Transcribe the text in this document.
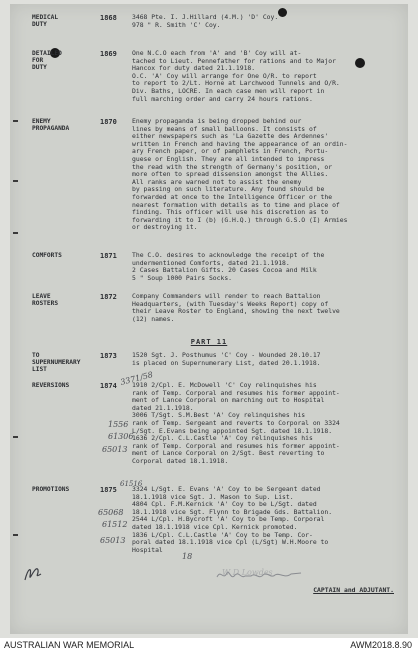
MEDICAL
DUTY
1868	3468 Pte. I. J.Hillard (4.M.) 'D' Coy.
978 " R. Smith 'C' Coy.
DETAILED
FOR
DUTY
1869	One N.C.O each from 'A' and 'B' Coy will at-
tached to Lieut. Pennefather for rations and to Major
Hancox for duty dated 21.1.1918.
O.C. 'A' Coy will arrange for One O/R. to report
to report to 2/Lt. Horne at Larchwood Tunnels and O/R.
Div. Baths, LOCRE. In each case men will report in
full marching order and carry 24 hours rations.
ENEMY
PROPAGANDA
1870	Enemy propaganda is being dropped behind our
lines by means of small balloons. It consists of
either newspapers such as 'La Gazette des Ardennes'
written in French and having the appearance of an ordin-
ary French paper, or of pamphlets in French, Portu-
guese or English. They are all intended to impress
the read with the strength of Germany's position, or
more often to spread dissension amongst the Allies.
All ranks are warned not to assist the enemy
by passing on such literature. Any found should be
forwarded at once to the Intelligence Officer or the
nearest formation with details as to time and place of
finding. This officer will use his discretion as to
forwarding it to I (b) (G.H.Q.) through G.S.O (I) Armies
or destroying it.
COMFORTS	1871	The C.O. desires to acknowledge the receipt of the
undermentioned Comforts, dated 21.1.1918.
2 Cases Battalion Gifts. 20 Cases Cocoa and Milk
5 " Soup 1000 Pairs Socks.
LEAVE
ROSTERS
1872	Company Commanders will render to reach Battalion
Headquarters, (with Tuesday's Weeks Report) copy of
their Leave Roster to England, showing the next twelve
(12) names.
PART 11
TO
SUPERNUMERARY
LIST
1873	1520 Sgt. J. Posthumus 'C' Coy - Wounded 20.10.17
is placed on Supernumerary List, dated 20.1.1918.
REVERSIONS	1874	1910 2/Cpl. E. McDowell 'C' Coy relinquishes his
rank of Temp. Corporal and resumes his former appoint-
ment of Lance Corporal on marching out to Hospital
dated 21.1.1918.
3006 T/Sgt. S.M.Best 'A' Coy relinquishes his
rank of Temp. Sergeant and reverts to Corporal on 3324
L/Sgt. E.Evans being appointed Sgt. dated 18.1.1918.
1636 2/Cpl. C.L.Castle 'A' Coy relinquishes his
rank of Temp. Corporal and resumes his former appoint-
ment of Lance Corporal on 2/Sgt. Best reverting to
Corporal dated 18.1.1918.
PROMOTIONS	1875	3324 L/Sgt. E. Evans 'A' Coy to be Sergeant dated
18.1.1918 vice Sgt. J. Mason to Sup. List.
4804 Cpl. F.M.Kernick 'A' Coy to be L/Sgt. dated
18.1.1918 vice Sgt. Flynn to Brigade Gds. Battalion.
2544 L/Cpl. H.Bycroft 'A' Coy to be Temp. Corporal
dated 18.1.1918 vice Cpl. Kernick promoted.
1836 L/Cpl. C.L.Castle 'A' Coy to be Temp. Cor-
poral dated 18.1.1918 vice Cpl (L/Sgt) W.H.Moore to
Hospital
3371/58
1556
61306
65013
61516
65068
61512
65013
18
W D Lowdes
CAPTAIN and ADJUTANT.
AUSTRALIAN WAR MEMORIAL	AWM2018.8.90
